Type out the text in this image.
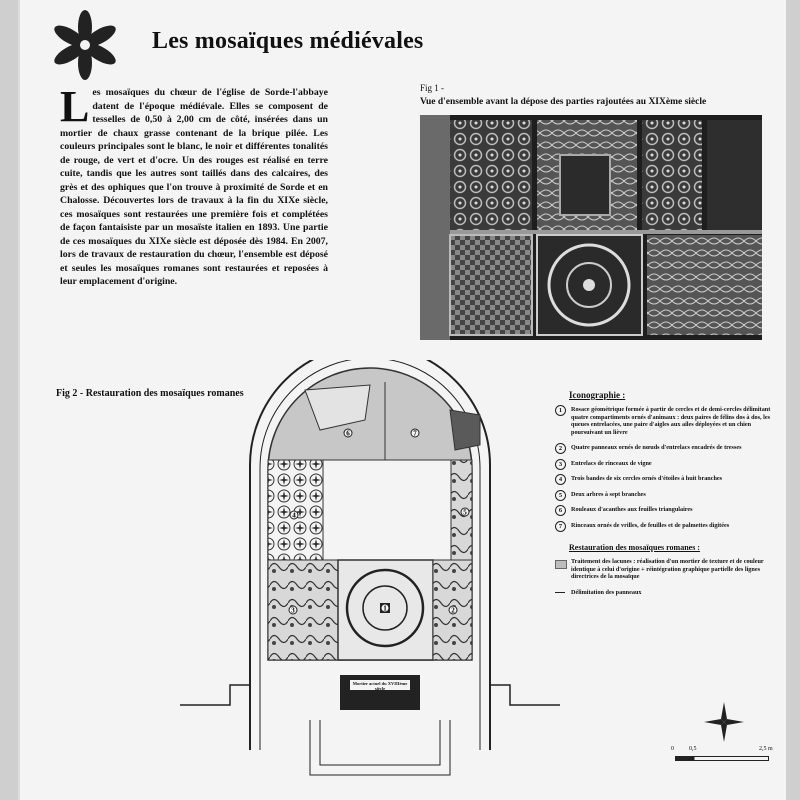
Les mosaïques médiévales
Les mosaïques du chœur de l'église de Sorde-l'abbaye datent de l'époque médiévale. Elles se composent de tesselles de 0,50 à 2,00 cm de côté, insérées dans un mortier de chaux grasse contenant de la brique pilée. Les couleurs principales sont le blanc, le noir et différentes tonalités de rouge, de vert et d'ocre. Un des rouges est réalisé en terre cuite, tandis que les autres sont taillés dans des calcaires, des grès et des ophiques que l'on trouve à proximité de Sorde et en Chalosse. Découvertes lors de travaux à la fin du XIXe siècle, ces mosaïques sont restaurées une première fois et complétées de façon fantaisiste par un mosaïste italien en 1893. Une partie de ces mosaïques du XIXe siècle est déposée dès 1984. En 2007, lors de travaux de restauration du chœur, l'ensemble est déposé et seules les mosaïques romanes sont restaurées et reposées à leur emplacement d'origine.
Fig 1 -
Vue d'ensemble avant la dépose des parties rajoutées au XIXème siècle
Fig 2 - Restauration des mosaïques romanes
6	7
4	5
3	1	2
Mortier actuel du XVIIIème siècle
Iconographie :
1	Rosace géométrique formée à partir de cercles et de demi-cercles délimitant quatre compartiments ornés d'animaux : deux paires de félins dos à dos, les queues entrelacées, une paire d'aigles aux ailes déployées et un chien poursuivant un lièvre
2	Quatre panneaux ornés de nœuds d'entrelacs encadrés de tresses
3	Entrelacs de rinceaux de vigne
4	Trois bandes de six cercles ornés d'étoiles à huit branches
5	Deux arbres à sept branches
6	Rouleaux d'acanthes aux feuilles triangulaires
7	Rinceaux ornés de vrilles, de feuilles et de palmettes digitées
Restauration des mosaïques romanes :
Traitement des lacunes : réalisation d'un mortier de texture et de couleur identique à celui d'origine + réintégration graphique partielle des lignes directrices de la mosaïque
Délimitation des panneaux
0	0,5	2,5 m
